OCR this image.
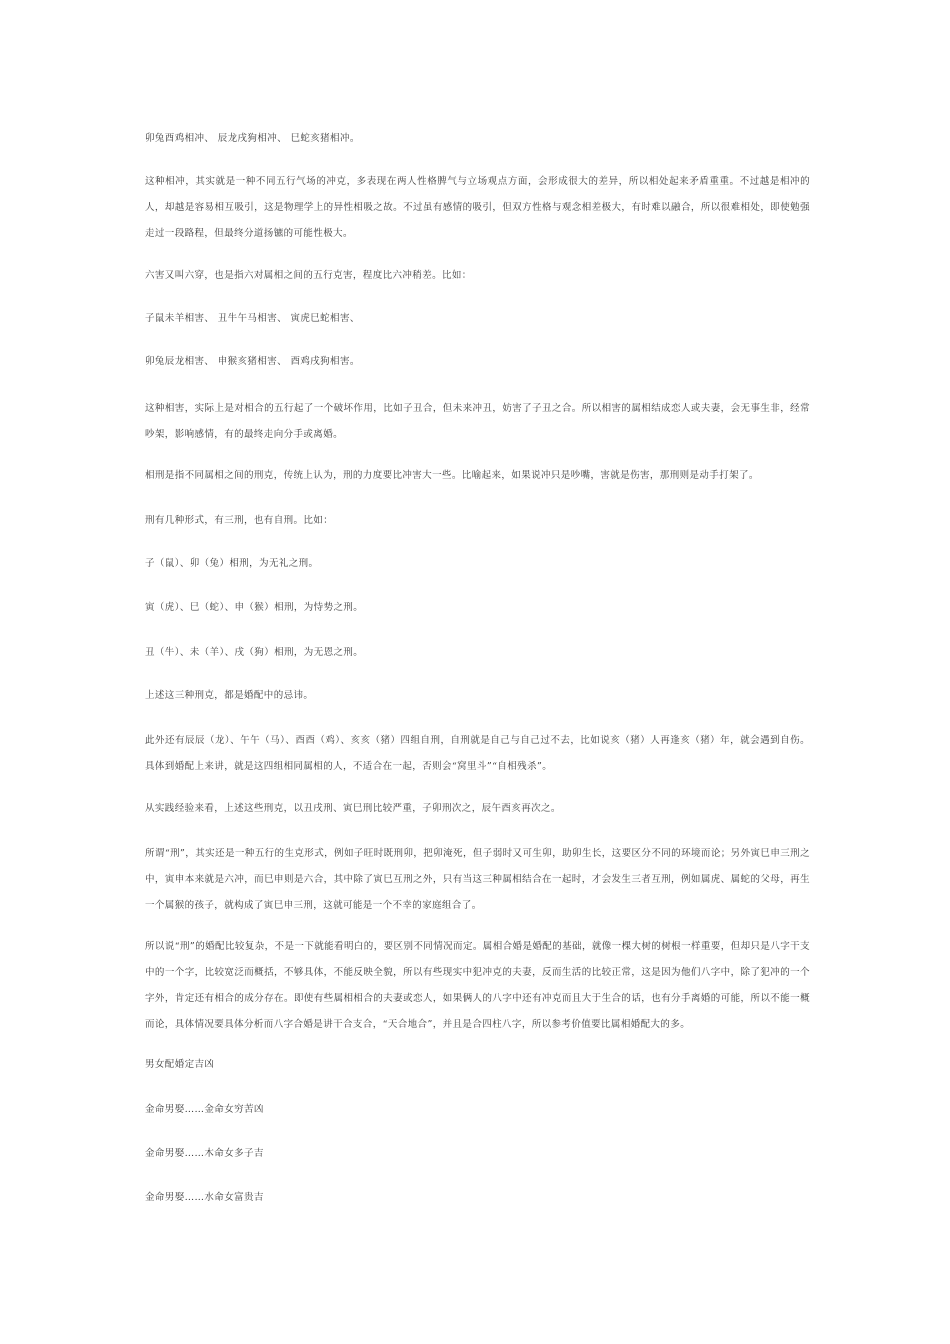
卯兔酉鸡相冲、 辰龙戌狗相冲、 巳蛇亥猪相冲。

这种相冲，其实就是一种不同五行气场的冲克，多表现在两人性格脾气与立场观点方面，会形成很大的差异，所以相处起来矛盾重重。不过越是相冲的人，却越是容易相互吸引，这是物理学上的异性相吸之故。不过虽有感情的吸引，但双方性格与观念相差极大，有时难以融合，所以很难相处，即使勉强走过一段路程，但最终分道扬镳的可能性极大。

六害又叫六穿，也是指六对属相之间的五行克害，程度比六冲稍差。比如：

子鼠未羊相害、 丑牛午马相害、 寅虎巳蛇相害、

卯兔辰龙相害、 申猴亥猪相害、 酉鸡戌狗相害。

这种相害，实际上是对相合的五行起了一个破坏作用，比如子丑合，但未来冲丑，妨害了子丑之合。所以相害的属相结成恋人或夫妻，会无事生非，经常吵架，影响感情，有的最终走向分手或离婚。

相刑是指不同属相之间的刑克，传统上认为，刑的力度要比冲害大一些。比喻起来，如果说冲只是吵嘴，害就是伤害，那刑则是动手打架了。

刑有几种形式，有三刑，也有自刑。比如：

子（鼠）、卯（兔）相刑，为无礼之刑。

寅（虎）、巳（蛇）、申（猴）相刑，为恃势之刑。

丑（牛）、未（羊）、戌（狗）相刑，为无恩之刑。

上述这三种刑克，都是婚配中的忌讳。

此外还有辰辰（龙）、午午（马）、酉酉（鸡）、亥亥（猪）四组自刑，自刑就是自己与自己过不去，比如说亥（猪）人再逢亥（猪）年，就会遇到自伤。具体到婚配上来讲，就是这四组相同属相的人，不适合在一起，否则会“窝里斗”“自相残杀”。

从实践经验来看，上述这些刑克，以丑戌刑、寅巳刑比较严重，子卯刑次之，辰午酉亥再次之。

所谓“刑”，其实还是一种五行的生克形式，例如子旺时既刑卯，把卯淹死，但子弱时又可生卯，助卯生长，这要区分不同的环境而论；另外寅巳申三刑之中，寅申本来就是六冲，而巳申则是六合，其中除了寅巳互刑之外，只有当这三种属相结合在一起时，才会发生三者互刑，例如属虎、属蛇的父母，再生一个属猴的孩子，就构成了寅巳申三刑，这就可能是一个不幸的家庭组合了。

所以说“刑”的婚配比较复杂，不是一下就能看明白的，要区别不同情况而定。属相合婚是婚配的基础，就像一棵大树的树根一样重要，但却只是八字干支中的一个字，比较宽泛而概括，不够具体，不能反映全貌，所以有些现实中犯冲克的夫妻，反而生活的比较正常，这是因为他们八字中，除了犯冲的一个字外，肯定还有相合的成分存在。即使有些属相相合的夫妻或恋人，如果俩人的八字中还有冲克而且大于生合的话，也有分手离婚的可能，所以不能一概而论，具体情况要具体分析而八字合婚是讲干合支合，“天合地合”，并且是合四柱八字，所以参考价值要比属相婚配大的多。

男女配婚定吉凶

金命男娶……金命女穷苦凶

金命男娶……木命女多子吉

金命男娶……水命女富贵吉
